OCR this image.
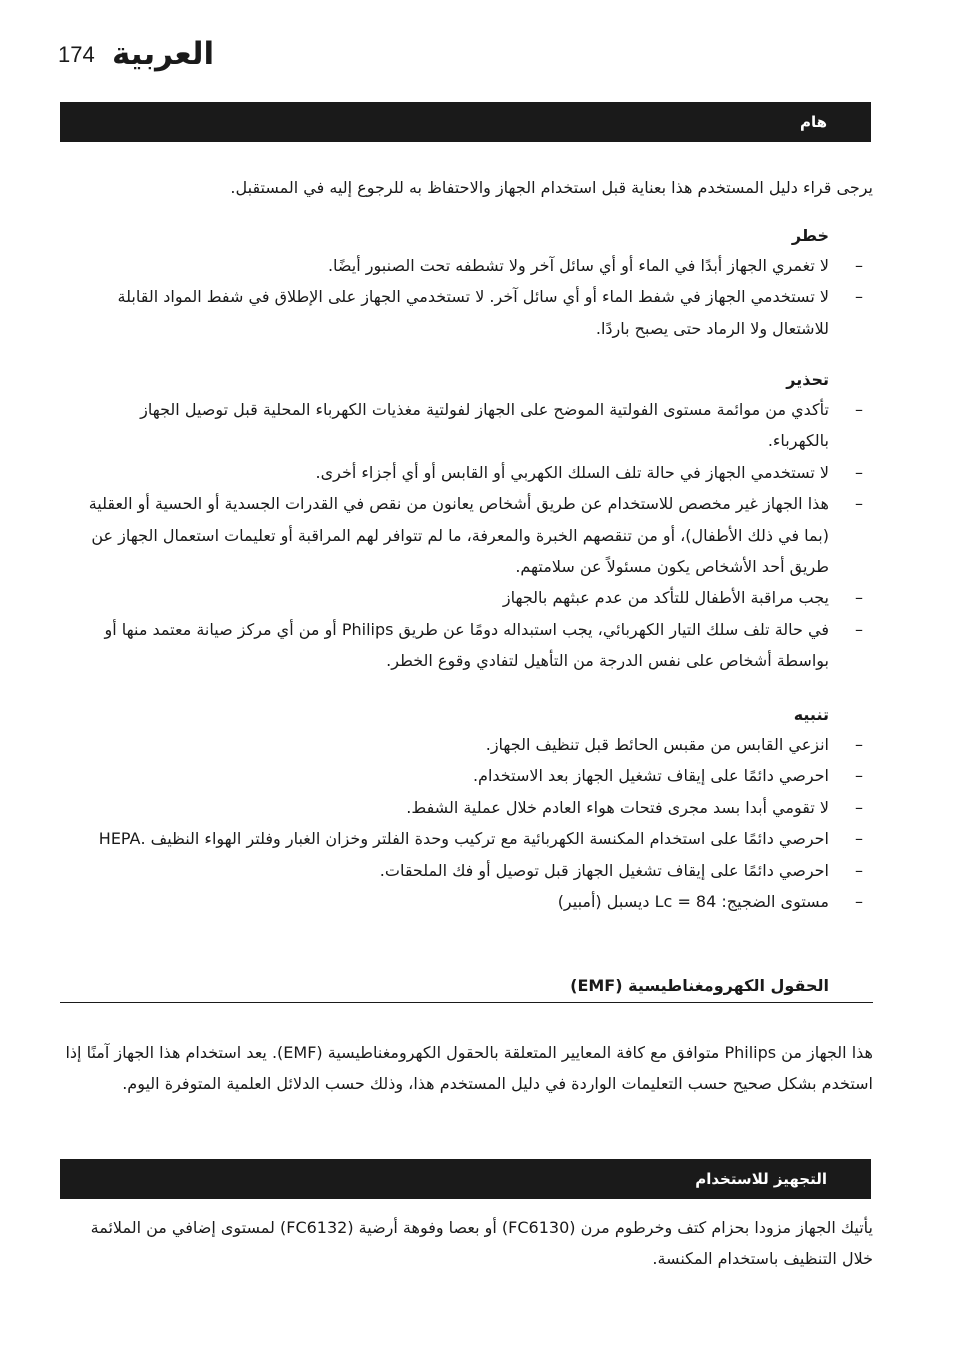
174 العربية
هام

يرجى قراء دليل المستخدم هذا بعناية قبل استخدام الجهاز والاحتفاظ به للرجوع إليه في المستقبل.

خطر

– لا تغمري الجهاز أبدًا في الماء أو أي سائل آخر ولا تشطفه تحت الصنبور أيضًا.
– لا تستخدمي الجهاز في شفط الماء أو أي سائل آخر. لا تستخدمي الجهاز على الإطلاق في شفط المواد القابلة للاشتعال ولا الرماد حتى يصبح باردًا.

تحذير

– تأكدي من موائمة مستوى الفولتية الموضح على الجهاز لفولتية مغذيات الكهرباء المحلية قبل توصيل الجهاز بالكهرباء.
– لا تستخدمي الجهاز في حالة تلف السلك الكهربي أو القابس أو أي أجزاء أخرى.
– هذا الجهاز غير مخصص للاستخدام عن طريق أشخاص يعانون من نقص في القدرات الجسدية أو الحسية أو العقلية (بما في ذلك الأطفال)، أو من تنقصهم الخبرة والمعرفة، ما لم تتوافر لهم المراقبة أو تعليمات استعمال الجهاز عن طريق أحد الأشخاص يكون مسئولاً عن سلامتهم.
– يجب مراقبة الأطفال للتأكد من عدم عبثهم بالجهاز
– في حالة تلف سلك التيار الكهربائي، يجب استبداله دومًا عن طريق Philips أو من أي مركز صيانة معتمد منها أو بواسطة أشخاص على نفس الدرجة من التأهيل لتفادي وقوع الخطر.

تنبيه

– انزعي القابس من مقبس الحائط قبل تنظيف الجهاز.
– احرصي دائمًا على إيقاف تشغيل الجهاز بعد الاستخدام.
– لا تقومي أبدا بسد مجرى فتحات هواء العادم خلال عملية الشفط.
– احرصي دائمًا على استخدام المكنسة الكهربائية مع تركيب وحدة الفلتر وخزان الغبار وفلتر الهواء النظيف .HEPA
– احرصي دائمًا على إيقاف تشغيل الجهاز قبل توصيل أو فك الملحقات.
– مستوى الضجيج: Lc = 84 ديسبل (أمبير)
الحقول الكهرومغناطيسية (EMF)

هذا الجهاز من Philips متوافق مع كافة المعايير المتعلقة بالحقول الكهرومغناطيسية (EMF). يعد استخدام هذا الجهاز آمنًا إذا استخدم بشكل صحيح حسب التعليمات الواردة في دليل المستخدم هذا، وذلك حسب الدلائل العلمية المتوفرة اليوم.

التجهيز للاستخدام

يأتيك الجهاز مزودا بحزام كتف وخرطوم مرن (FC6130) أو بعصا وفوهة أرضية (FC6132) لمستوى إضافي من الملائمة خلال التنظيف باستخدام المكنسة.
